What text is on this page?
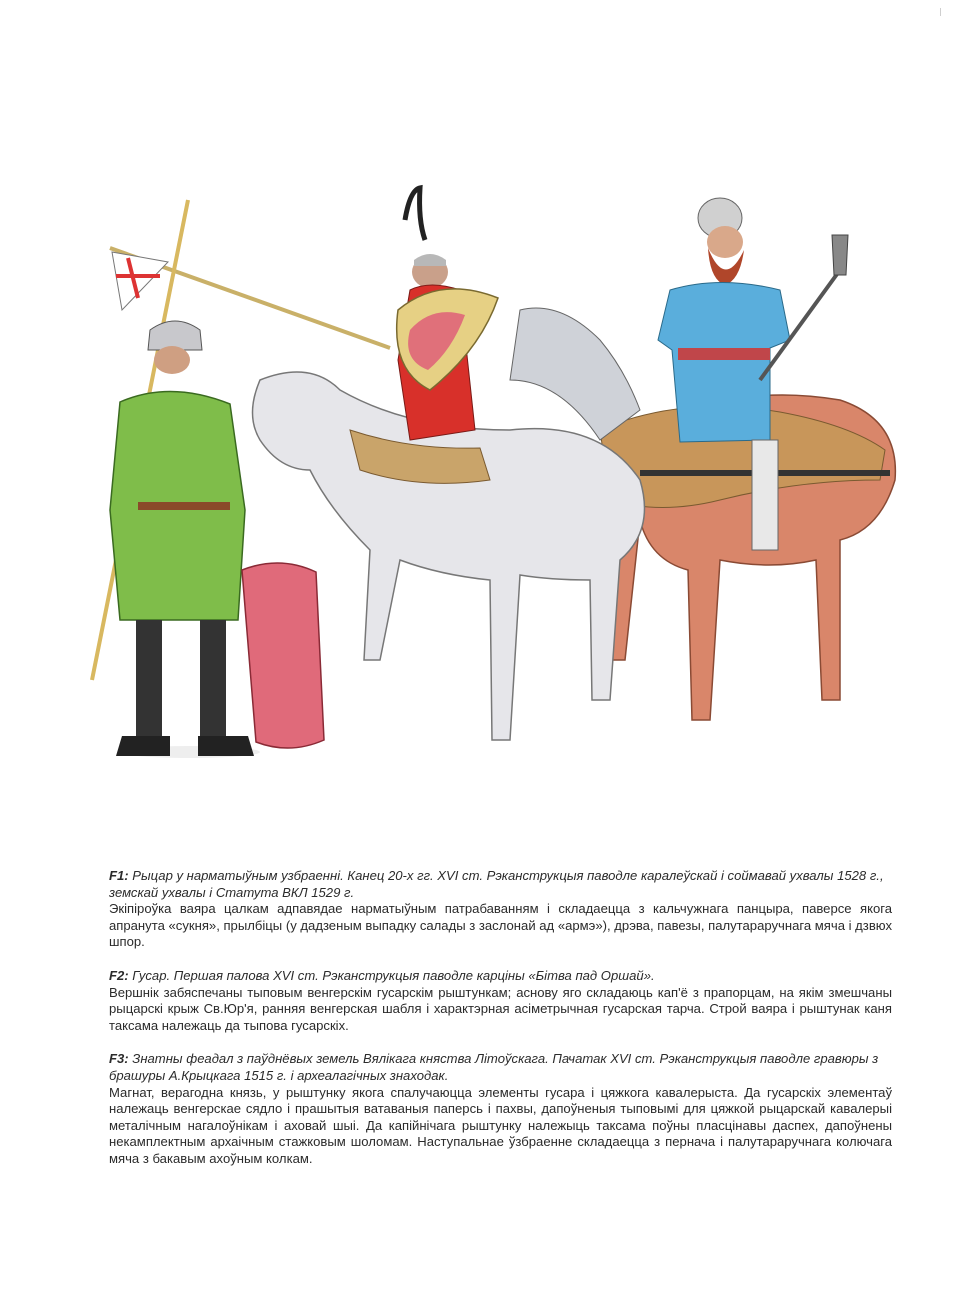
F1: Рыцар у нарматыўным узбраенні. Канец 20-х гг. XVI ст. Рэканструкцыя паводле каралеўскай і соймавай ухвалы 1528 г., земскай ухвалы і Статута ВКЛ 1529 г.

Экіпіроўка ваяра цалкам адпавядае нарматыўным патрабаванням і складаецца з кальчужнага панцыра, паверсе якога апранута «сукня», прылбіцы (у дадзеным выпадку салады з заслонай ад «армэ»), дрэва, павезы, палутараручнага мяча і дзвюх шпор.

F2: Гусар. Першая палова XVI ст. Рэканструкцыя паводле карціны «Бітва пад Оршай».

Вершнік забяспечаны тыповым венгерскім гусарскім рыштункам; аснову яго складаюць кап'ё з прапорцам, на якім змешчаны рыцарскі крыж Св.Юр'я, ранняя венгерская шабля і характэрная асіметрычная гусарская тарча. Строй ваяра і рыштунак каня таксама належаць да тыпова гусарскіх.

F3: Знатны феадал з паўднёвых земель Вялікага княства Літоўскага. Пачатак XVI ст. Рэканструкцыя паводле гравюры з брашуры А.Крыцкага 1515 г. і археалагічных знаходак.

Магнат, верагодна князь, у рыштунку якога спалучаюцца элементы гусара і цяжкога кавалерыста. Да гусарскіх элементаў належаць венгерскае сядло і прашытыя ватаваныя паперсь і пахвы, дапоўненыя тыповымі для цяжкой рыцарскай кавалерыі металічным нагалоўнікам і аховай шыі. Да капійнічага рыштунку належыць таксама поўны пласцінавы даспех, дапоўнены некамплектным архаічным стажковым шоломам. Наступальнае ўзбраенне складаецца з пернача і палутараручнага колючага мяча з бакавым ахоўным колкам.
